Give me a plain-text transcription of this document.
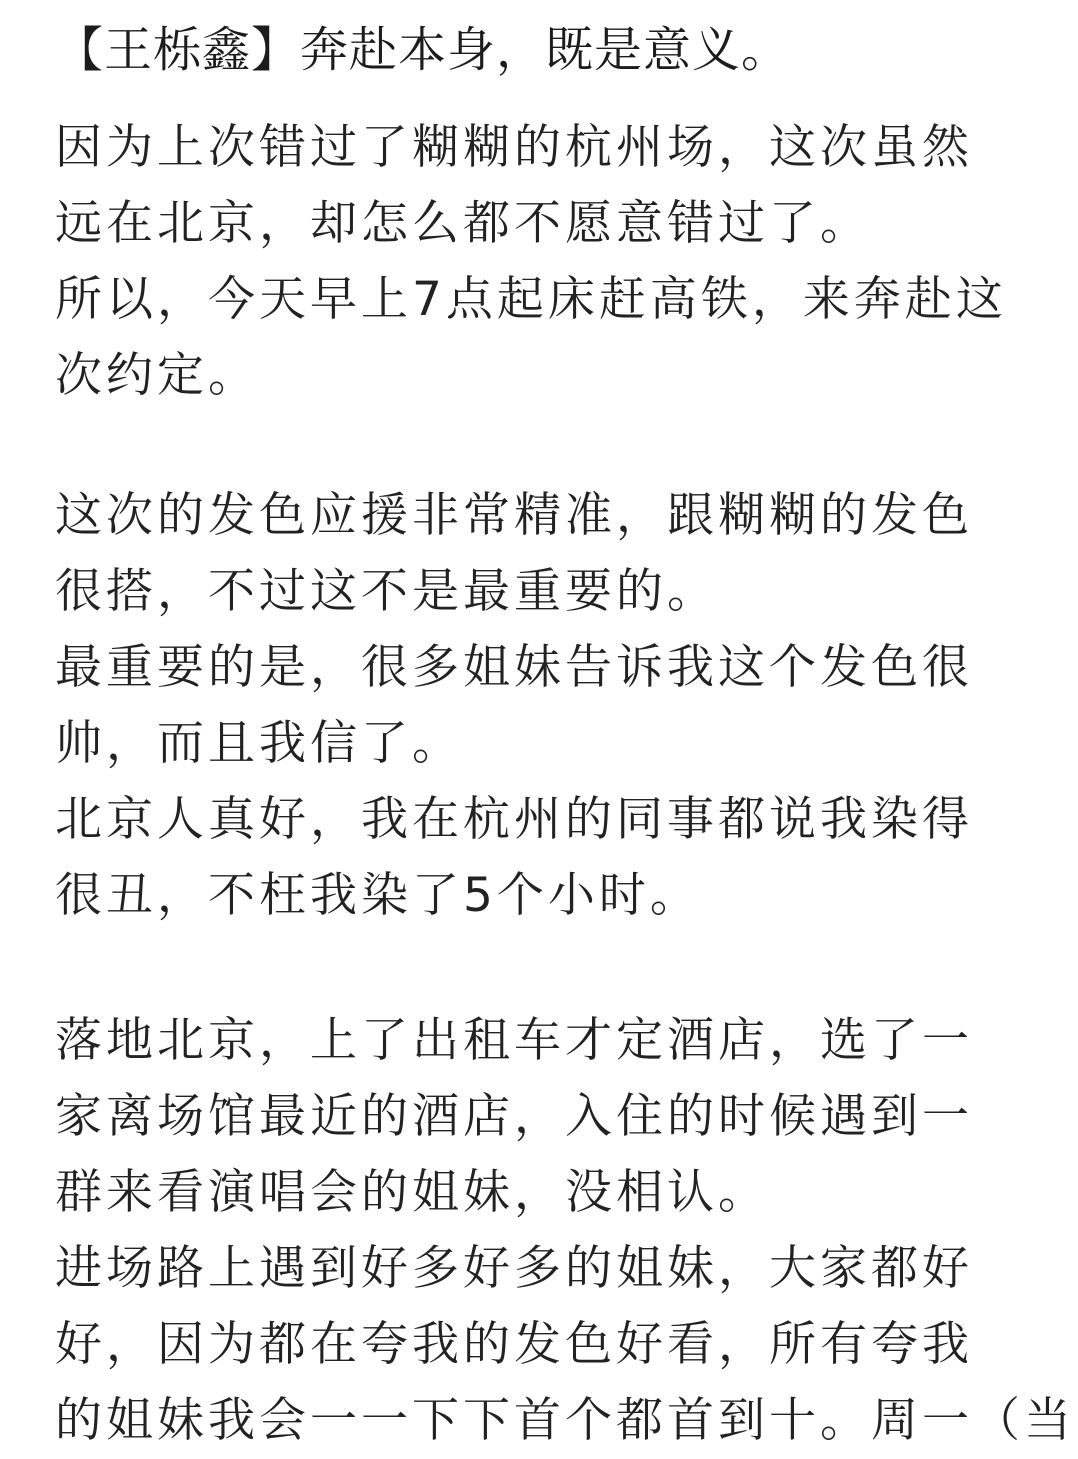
【王栎鑫】奔赴本身，既是意义。
因为上次错过了糊糊的杭州场，这次虽然
远在北京，却怎么都不愿意错过了。
所以，今天早上7点起床赶高铁，来奔赴这
次约定。
这次的发色应援非常精准，跟糊糊的发色
很搭，不过这不是最重要的。
最重要的是，很多姐妹告诉我这个发色很
帅，而且我信了。
北京人真好，我在杭州的同事都说我染得
很丑，不枉我染了5个小时。
落地北京，上了出租车才定酒店，选了一
家离场馆最近的酒店，入住的时候遇到一
群来看演唱会的姐妹，没相认。
进场路上遇到好多好多的姐妹，大家都好
好，因为都在夸我的发色好看，所有夸我
的姐妹我会一一下下首个都首到十。周一（当
